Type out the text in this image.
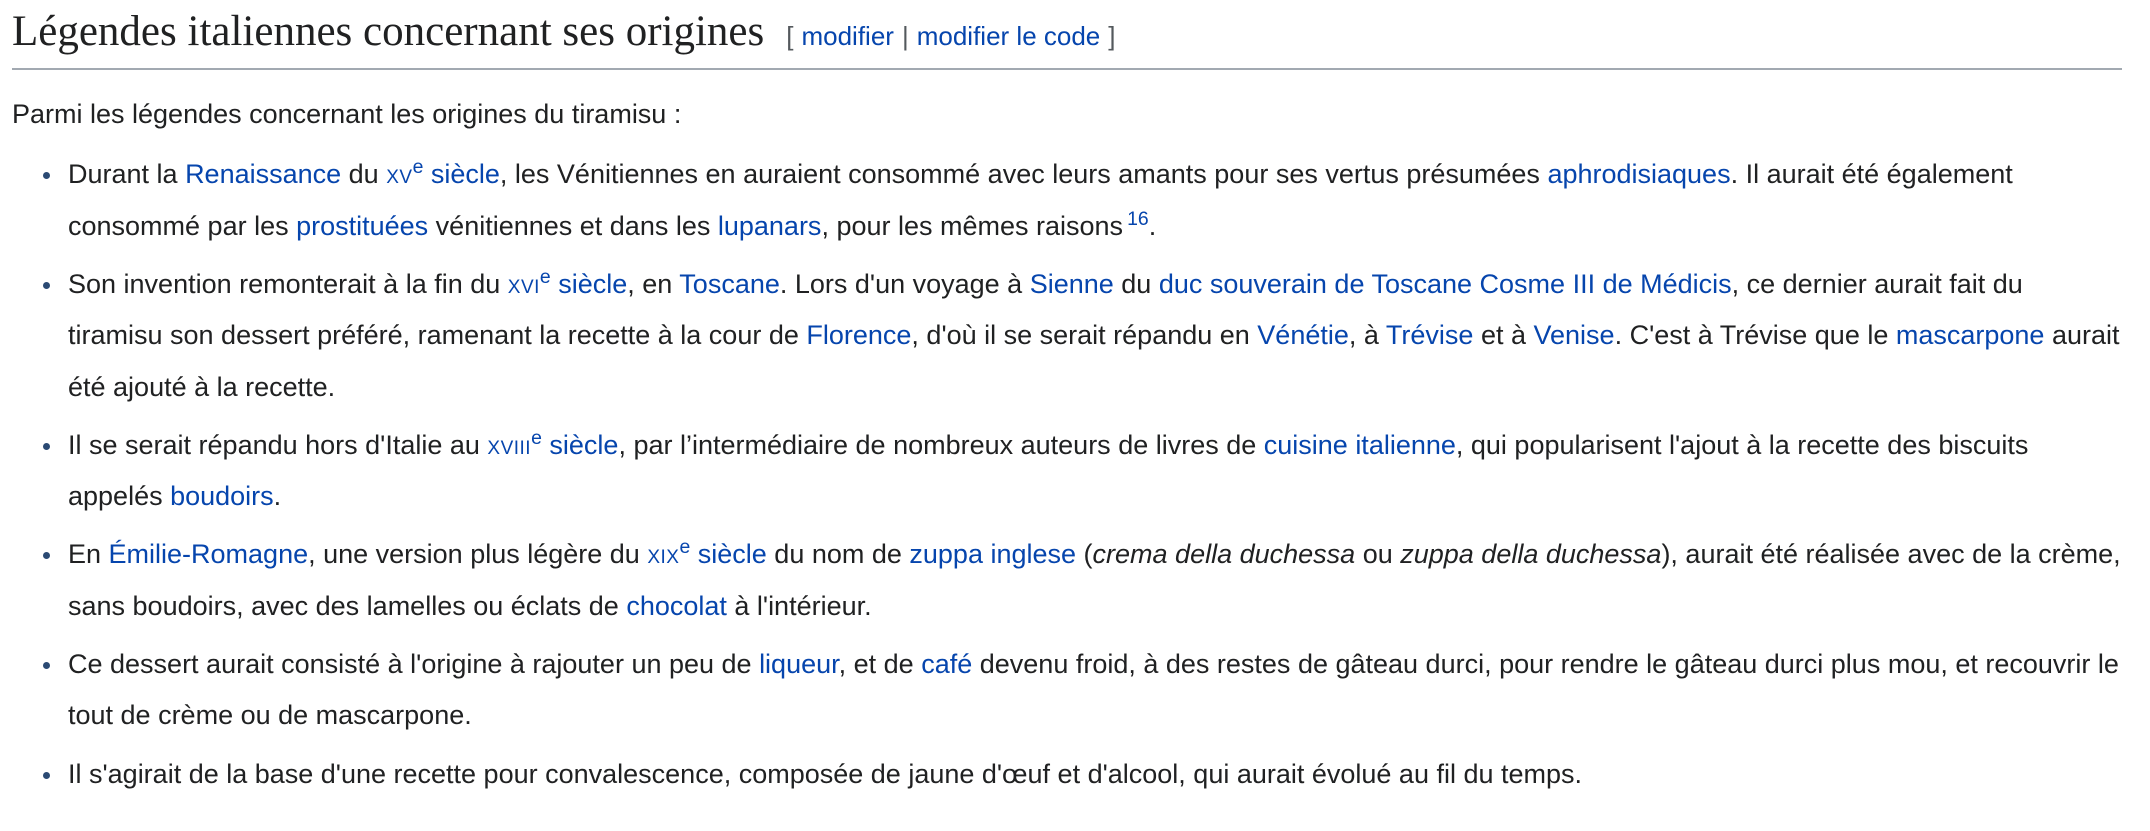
Légendes italiennes concernant ses origines [ modifier | modifier le code ]

Parmi les légendes concernant les origines du tiramisu :

• Durant la Renaissance du $xv^e$ siècle, les Vénitiennes en auraient consommé avec leurs amants pour ses vertus présumées aphrodisiaques. Il aurait été également consommé par les prostituées vénitiennes et dans les lupanars, pour les mêmes raisons $^{16}$.
• Son invention remonterait à la fin du xvi$^e$ siècle, en Toscane. Lors d'un voyage à Sienne du duc souverain de Toscane Cosme III de Médicis, ce dernier aurait fait du tiramisu son dessert préféré, ramenant la recette à la cour de Florence, d'où il se serait répandu en Vénétie, à Trévise et à Venise. C'est à Trévise que le mascarpone aurait été ajouté à la recette.
• Il se serait répandu hors d'Italie au xviii$^e$ siècle, par l’intermédiaire de nombreux auteurs de livres de cuisine italienne, qui popularisent l'ajout à la recette des biscuits appelés boudoirs.
• En Émilie-Romagne, une version plus légère du xix$^e$ siècle du nom de zuppa inglese (crema della duchessa ou zuppa della duchessa), aurait été réalisée avec de la crème, sans boudoirs, avec des lamelles ou éclats de chocolat à l'intérieur.
• Ce dessert aurait consisté à l'origine à rajouter un peu de liqueur, et de café devenu froid, à des restes de gâteau durci, pour rendre le gâteau durci plus mou, et recouvrir le tout de crème ou de mascarpone.
• Il s'agirait de la base d'une recette pour convalescence, composée de jaune d'œuf et d'alcool, qui aurait évolué au fil du temps.
